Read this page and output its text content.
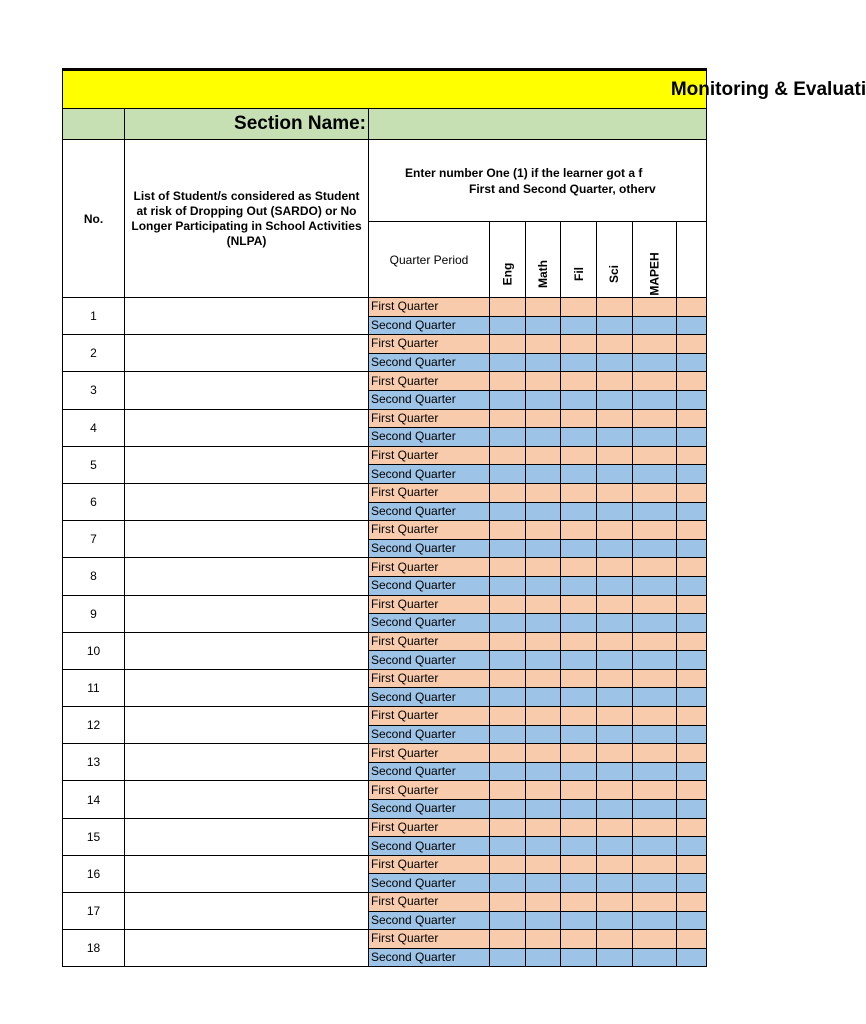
Monitoring & Evaluati								

	Section Name:							

No.	List of Student/s considered as Student at risk of Dropping Out (SARDO) or No Longer Participating in School Activities (NLPA)	Enter number One (1) if the learner got a f
First and Second Quarter, otherv						

		Quarter Period	Eng	Math	Fil	Sci	MAPEH	
1		First Quarter						
		Second Quarter						
2		First Quarter						
		Second Quarter						
3		First Quarter						
		Second Quarter						
4		First Quarter						
		Second Quarter						
5		First Quarter						
		Second Quarter						
6		First Quarter						
		Second Quarter						
7		First Quarter						
		Second Quarter						
8		First Quarter						
		Second Quarter						
9		First Quarter						
		Second Quarter						
10		First Quarter						
		Second Quarter						
11		First Quarter						
		Second Quarter						
12		First Quarter						
		Second Quarter						
13		First Quarter						
		Second Quarter						
14		First Quarter						
		Second Quarter						
15		First Quarter						
		Second Quarter						
16		First Quarter						
		Second Quarter						
17		First Quarter						
		Second Quarter						
18		First Quarter						
		Second Quarter						
